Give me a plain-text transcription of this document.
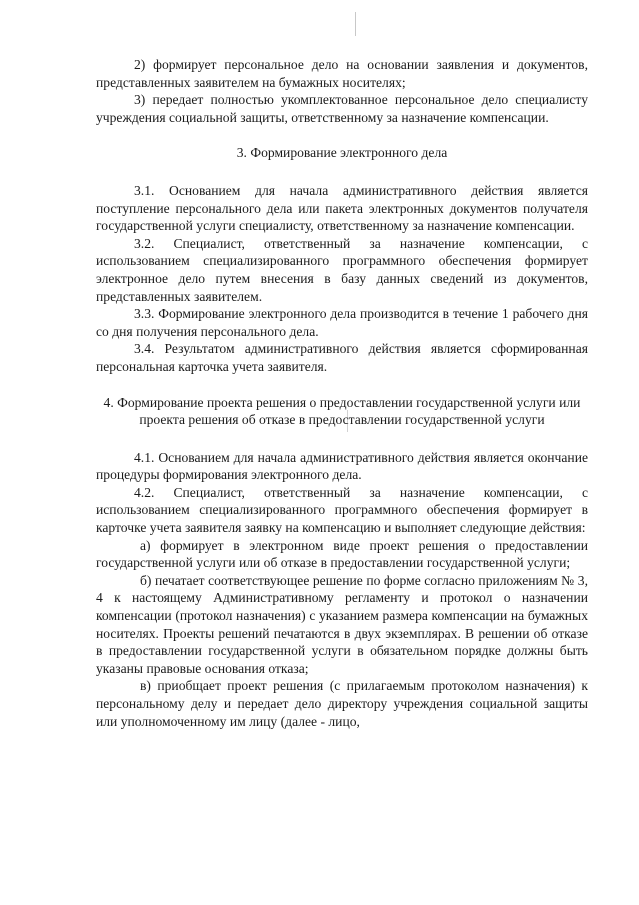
2) формирует персональное дело на основании заявления и документов, представленных заявителем на бумажных носителях;

3) передает полностью укомплектованное персональное дело специалисту учреждения социальной защиты, ответственному за назначение компенсации.

3. Формирование электронного дела

3.1. Основанием для начала административного действия является поступление персонального дела или пакета электронных документов получателя государственной услуги специалисту, ответственному за назначение компенсации.

3.2. Специалист, ответственный за назначение компенсации, с использованием специализированного программного обеспечения формирует электронное дело путем внесения в базу данных сведений из документов, представленных заявителем.

3.3. Формирование электронного дела производится в течение 1 рабочего дня со дня получения персонального дела.

3.4. Результатом административного действия является сформированная персональная карточка учета заявителя.

4. Формирование проекта решения о предоставлении государственной услуги или проекта решения об отказе в предоставлении государственной услуги

4.1. Основанием для начала административного действия является окончание процедуры формирования электронного дела.

4.2. Специалист, ответственный за назначение компенсации, с использованием специализированного программного обеспечения формирует в карточке учета заявителя заявку на компенсацию и выполняет следующие действия:

а) формирует в электронном виде проект решения о предоставлении государственной услуги или об отказе в предоставлении государственной услуги;

б) печатает соответствующее решение по форме согласно приложениям № 3, 4 к настоящему Административному регламенту и протокол о назначении компенсации (протокол назначения) с указанием размера компенсации на бумажных носителях. Проекты решений печатаются в двух экземплярах. В решении об отказе в предоставлении государственной услуги в обязательном порядке должны быть указаны правовые основания отказа;

в) приобщает проект решения (с прилагаемым протоколом назначения) к персональному делу и передает дело директору учреждения социальной защиты или уполномоченному им лицу (далее - лицо,
